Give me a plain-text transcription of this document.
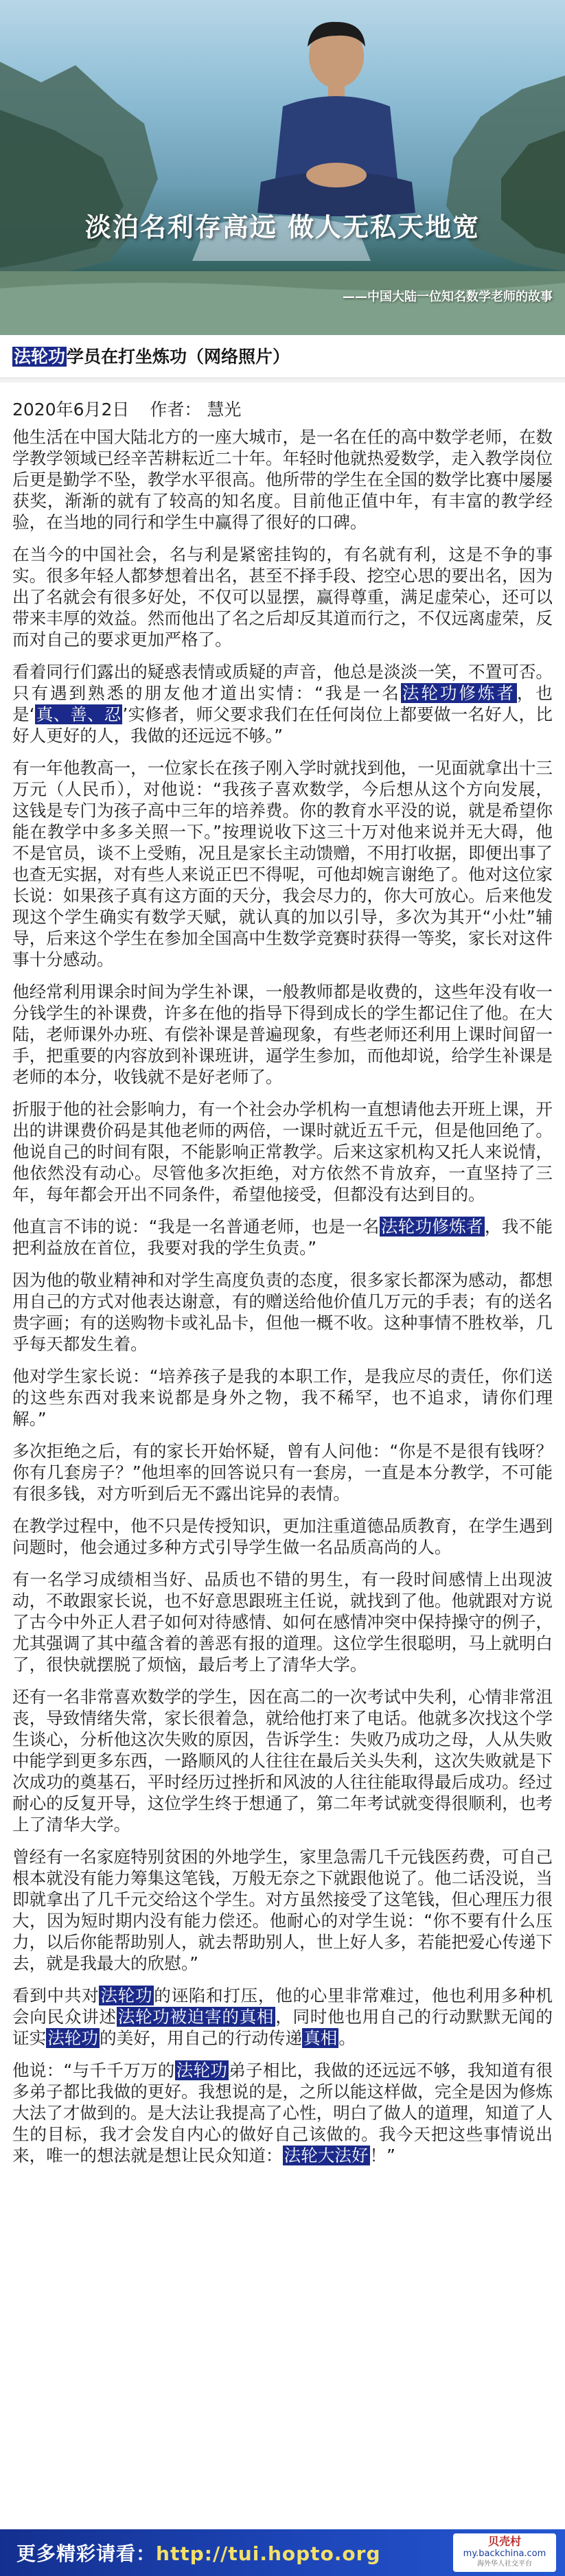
淡泊名利存高远 做人无私天地宽
——中国大陆一位知名数学老师的故事
法轮功学员在打坐炼功（网络照片）
2020年6月2日 作者： 慧光

他生活在中国大陆北方的一座大城市，是一名在任的高中数学老师，在数学教学领域已经辛苦耕耘近二十年。年轻时他就热爱数学，走入教学岗位后更是勤学不坠，教学水平很高。他所带的学生在全国的数学比赛中屡屡获奖，渐渐的就有了较高的知名度。目前他正值中年，有丰富的教学经验，在当地的同行和学生中赢得了很好的口碑。

在当今的中国社会，名与利是紧密挂钩的，有名就有利，这是不争的事实。很多年轻人都梦想着出名，甚至不择手段、挖空心思的要出名，因为出了名就会有很多好处，不仅可以显摆，赢得尊重，满足虚荣心，还可以带来丰厚的效益。然而他出了名之后却反其道而行之，不仅远离虚荣，反而对自己的要求更加严格了。

看着同行们露出的疑惑表情或质疑的声音，他总是淡淡一笑，不置可否。只有遇到熟悉的朋友他才道出实情：“我是一名法轮功修炼者，也是‘真、善、忍’实修者，师父要求我们在任何岗位上都要做一名好人，比好人更好的人，我做的还远远不够。”

有一年他教高一，一位家长在孩子刚入学时就找到他，一见面就拿出十三万元（人民币），对他说：“我孩子喜欢数学，今后想从这个方向发展，这钱是专门为孩子高中三年的培养费。你的教育水平没的说，就是希望你能在教学中多多关照一下。”按理说收下这三十万对他来说并无大碍，他不是官员，谈不上受贿，况且是家长主动馈赠，不用打收据，即便出事了也查无实据，对有些人来说正巴不得呢，可他却婉言谢绝了。他对这位家长说：如果孩子真有这方面的天分，我会尽力的，你大可放心。后来他发现这个学生确实有数学天赋，就认真的加以引导，多次为其开“小灶”辅导，后来这个学生在参加全国高中生数学竞赛时获得一等奖，家长对这件事十分感动。

他经常利用课余时间为学生补课，一般教师都是收费的，这些年没有收一分钱学生的补课费，许多在他的指导下得到成长的学生都记住了他。在大陆，老师课外办班、有偿补课是普遍现象，有些老师还利用上课时间留一手，把重要的内容放到补课班讲，逼学生参加，而他却说，给学生补课是老师的本分，收钱就不是好老师了。

折服于他的社会影响力，有一个社会办学机构一直想请他去开班上课，开出的讲课费价码是其他老师的两倍，一课时就近五千元，但是他回绝了。他说自己的时间有限，不能影响正常教学。后来这家机构又托人来说情，他依然没有动心。尽管他多次拒绝，对方依然不肯放弃，一直坚持了三年，每年都会开出不同条件，希望他接受，但都没有达到目的。

他直言不讳的说：“我是一名普通老师，也是一名法轮功修炼者，我不能把利益放在首位，我要对我的学生负责。”

因为他的敬业精神和对学生高度负责的态度，很多家长都深为感动，都想用自己的方式对他表达谢意，有的赠送给他价值几万元的手表；有的送名贵字画；有的送购物卡或礼品卡，但他一概不收。这种事情不胜枚举，几乎每天都发生着。

他对学生家长说：“培养孩子是我的本职工作，是我应尽的责任，你们送的这些东西对我来说都是身外之物，我不稀罕，也不追求，请你们理解。”

多次拒绝之后，有的家长开始怀疑，曾有人问他：“你是不是很有钱呀？你有几套房子？”他坦率的回答说只有一套房，一直是本分教学，不可能有很多钱，对方听到后无不露出诧异的表情。

在教学过程中，他不只是传授知识，更加注重道德品质教育，在学生遇到问题时，他会通过多种方式引导学生做一名品质高尚的人。

有一名学习成绩相当好、品质也不错的男生，有一段时间感情上出现波动，不敢跟家长说，也不好意思跟班主任说，就找到了他。他就跟对方说了古今中外正人君子如何对待感情、如何在感情冲突中保持操守的例子，尤其强调了其中蕴含着的善恶有报的道理。这位学生很聪明，马上就明白了，很快就摆脱了烦恼，最后考上了清华大学。

还有一名非常喜欢数学的学生，因在高二的一次考试中失利，心情非常沮丧，导致情绪失常，家长很着急，就给他打来了电话。他就多次找这个学生谈心，分析他这次失败的原因，告诉学生：失败乃成功之母，人从失败中能学到更多东西，一路顺风的人往往在最后关头失利，这次失败就是下次成功的奠基石，平时经历过挫折和风波的人往往能取得最后成功。经过耐心的反复开导，这位学生终于想通了，第二年考试就变得很顺利，也考上了清华大学。

曾经有一名家庭特别贫困的外地学生，家里急需几千元钱医药费，可自己根本就没有能力筹集这笔钱，万般无奈之下就跟他说了。他二话没说，当即就拿出了几千元交给这个学生。对方虽然接受了这笔钱，但心理压力很大，因为短时期内没有能力偿还。他耐心的对学生说：“你不要有什么压力，以后你能帮助别人，就去帮助别人，世上好人多，若能把爱心传递下去，就是我最大的欣慰。”

看到中共对法轮功的诬陷和打压，他的心里非常难过，他也利用多种机会向民众讲述法轮功被迫害的真相，同时他也用自己的行动默默无闻的证实法轮功的美好，用自己的行动传递真相。

他说：“与千千万万的法轮功弟子相比，我做的还远远不够，我知道有很多弟子都比我做的更好。我想说的是，之所以能这样做，完全是因为修炼大法了才做到的。是大法让我提高了心性，明白了做人的道理，知道了人生的目标，我才会发自内心的做好自己该做的。我今天把这些事情说出来，唯一的想法就是想让民众知道：法轮大法好！”

更多精彩请看：http://tui.hopto.org
贝壳村
my.backchina.com
海外华人社交平台
